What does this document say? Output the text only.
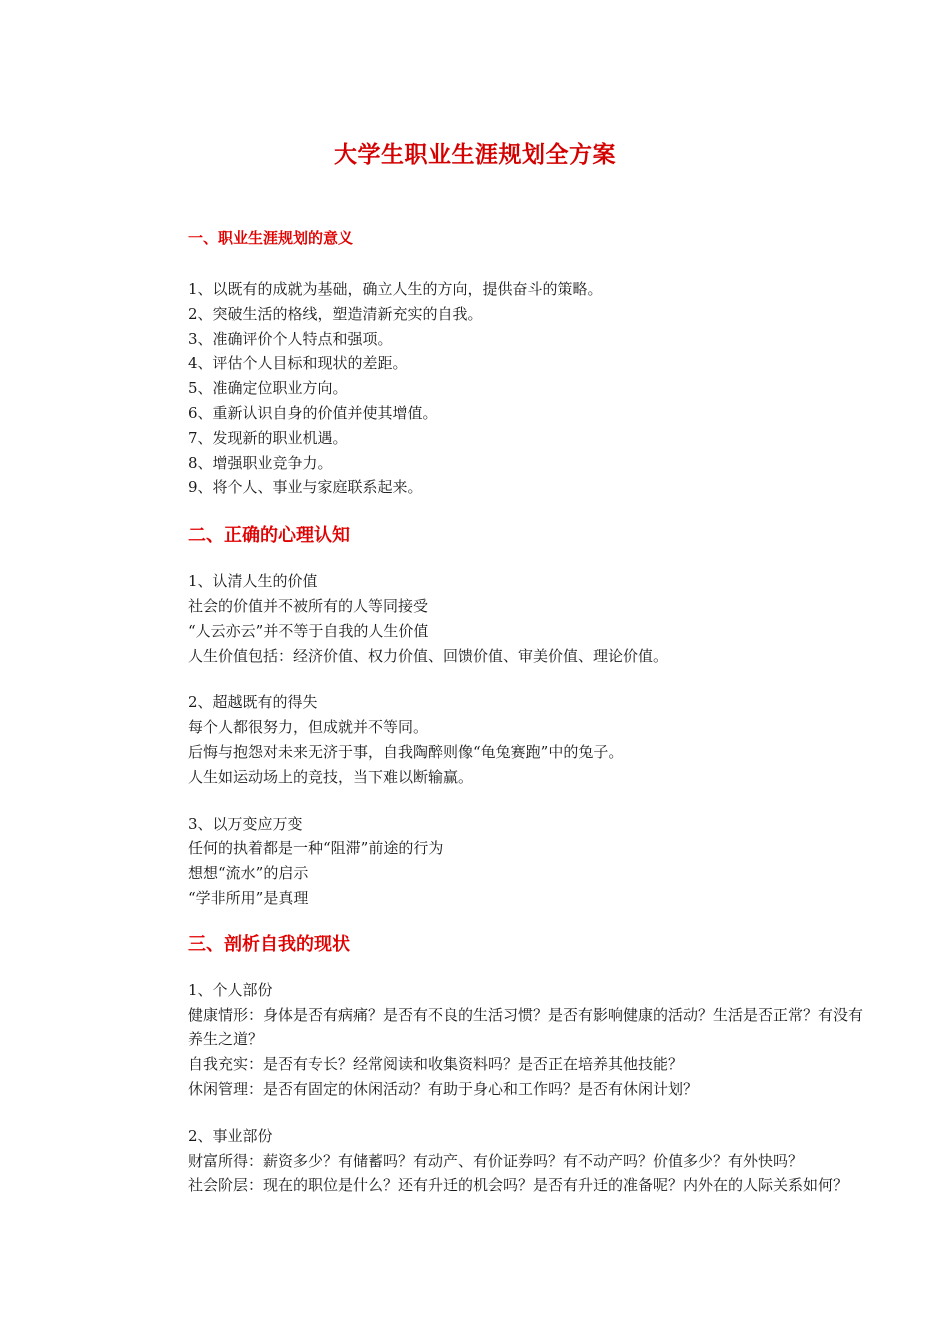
大学生职业生涯规划全方案
一、职业生涯规划的意义

1、以既有的成就为基础，确立人生的方向，提供奋斗的策略。

2、突破生活的格线，塑造清新充实的自我。

3、准确评价个人特点和强项。

4、评估个人目标和现状的差距。

5、准确定位职业方向。

6、重新认识自身的价值并使其增值。

7、发现新的职业机遇。

8、增强职业竞争力。

9、将个人、事业与家庭联系起来。

二、正确的心理认知

1、认清人生的价值

社会的价值并不被所有的人等同接受

“人云亦云”并不等于自我的人生价值

人生价值包括：经济价值、权力价值、回馈价值、审美价值、理论价值。

2、超越既有的得失

每个人都很努力，但成就并不等同。

后悔与抱怨对未来无济于事，自我陶醉则像“龟兔赛跑”中的兔子。

人生如运动场上的竞技，当下难以断输赢。

3、以万变应万变

任何的执着都是一种“阻滞”前途的行为

想想“流水”的启示

“学非所用”是真理

三、剖析自我的现状

1、个人部份

健康情形：身体是否有病痛？是否有不良的生活习惯？是否有影响健康的活动？生活是否正常？有没有

养生之道？

自我充实：是否有专长？经常阅读和收集资料吗？是否正在培养其他技能？

休闲管理：是否有固定的休闲活动？有助于身心和工作吗？是否有休闲计划？

2、事业部份

财富所得：薪资多少？有储蓄吗？有动产、有价证券吗？有不动产吗？价值多少？有外快吗？

社会阶层：现在的职位是什么？还有升迁的机会吗？是否有升迁的准备呢？内外在的人际关系如何？
